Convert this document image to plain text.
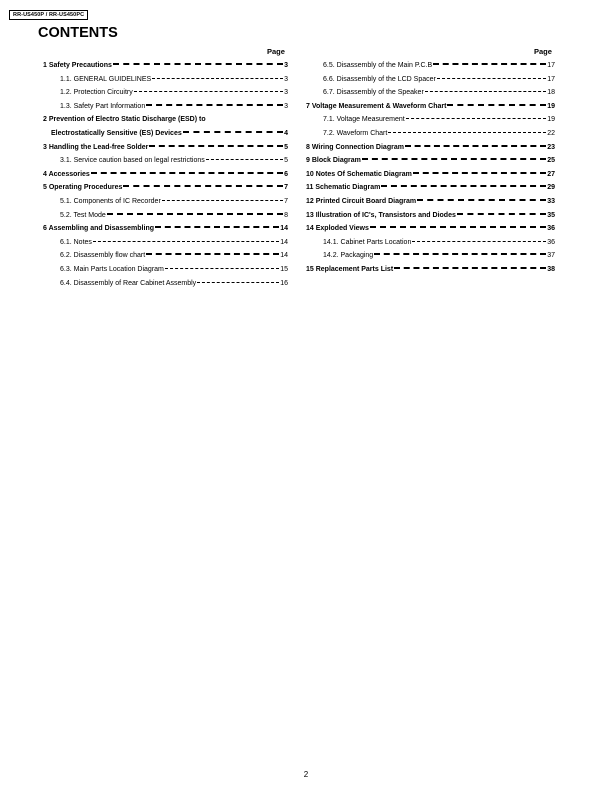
RR-US450P / RR-US450PC
CONTENTS
Page	Page
1 Safety Precautions	3
1.1. GENERAL GUIDELINES	3
1.2. Protection Circuitry	3
1.3. Safety Part Information	3
2 Prevention of Electro Static Discharge (ESD) to
Electrostatically Sensitive (ES) Devices	4
3 Handling the Lead-free Solder	5
3.1. Service caution based on legal restrictions	5
4 Accessories	6
5 Operating Procedures	7
5.1. Components of IC Recorder	7
5.2. Test Mode	8
6 Assembling and Disassembling	14
6.1. Notes	14
6.2. Disassembly flow chart	14
6.3. Main Parts Location Diagram	15
6.4. Disassembly of Rear Cabinet Assembly	16
6.5. Disassembly of the Main P.C.B	17
6.6. Disassembly of the LCD Spacer	17
6.7. Disassembly of the Speaker	18
7 Voltage Measurement & Waveform Chart	19
7.1. Voltage Measurement	19
7.2. Waveform Chart	22
8 Wiring Connection Diagram	23
9 Block Diagram	25
10 Notes Of Schematic Diagram	27
11 Schematic Diagram	29
12 Printed Circuit Board Diagram	33
13 Illustration of IC's, Transistors and Diodes	35
14 Exploded Views	36
14.1. Cabinet Parts Location	36
14.2. Packaging	37
15 Replacement Parts List	38
2
